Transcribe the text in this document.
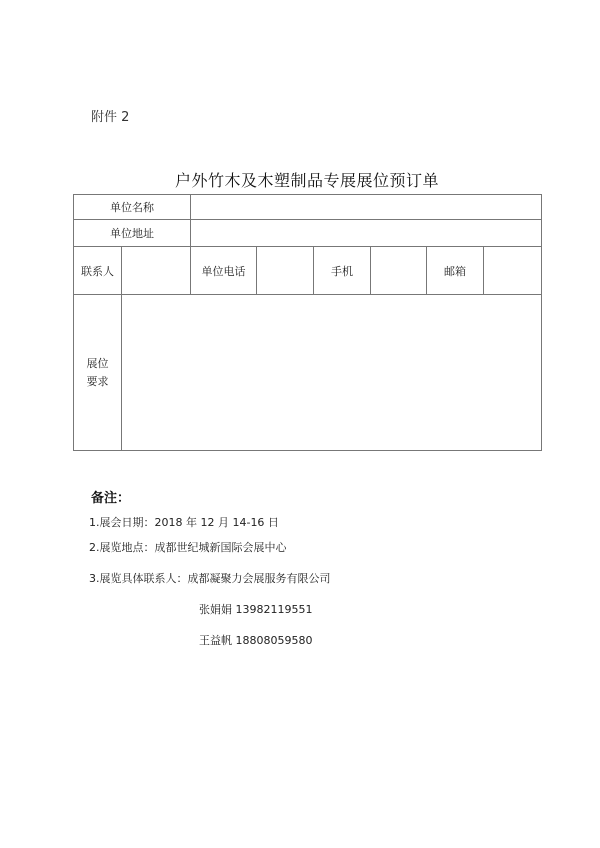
附件 2
户外竹木及木塑制品专展展位预订单
单位名称							
单位地址							
联系人		单位电话		手机		邮箱	

展位
要求							

备注：
1.展会日期：2018 年 12 月 14-16 日
2.展览地点：成都世纪城新国际会展中心
3.展览具体联系人：成都凝聚力会展服务有限公司
张娟娟 13982119551
王益帆 18808059580
